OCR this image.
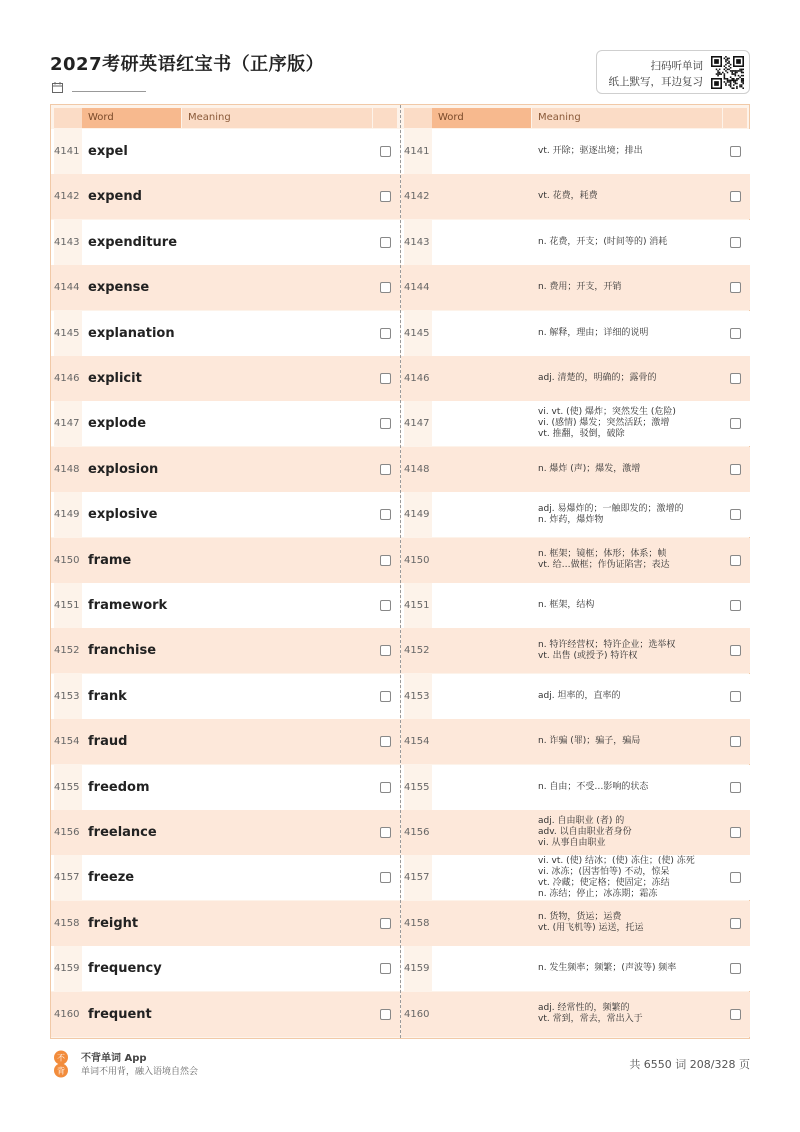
2027考研英语红宝书（正序版）	扫码听单词
纸上默写，耳边复习
Word	Meaning
4141 expel
4142 expend
4143 expenditure
4144 expense
4145 explanation
4146 explicit
4147 explode
4148 explosion
4149 explosive
4150 frame
4151 framework
4152 franchise
4153 frank
4154 fraud
4155 freedom
4156 freelance
4157 freeze
4158 freight
4159 frequency
4160 frequent
Word	Meaning
4141	vt. 开除；驱逐出境；排出
4142	vt. 花费，耗费
4143	n. 花费，开支；(时间等的) 消耗
4144	n. 费用；开支，开销
4145	n. 解释，理由；详细的说明
4146	adj. 清楚的，明确的；露骨的
4147
vi. vt. (使) 爆炸；突然发生 (危险)
vi. (感情) 爆发；突然活跃；激增
vt. 推翻，驳倒，破除
4148	n. 爆炸 (声)；爆发，激增
4149
adj. 易爆炸的；一触即发的；激增的
n. 炸药，爆炸物
4150
n. 框架；镜框；体形；体系；帧
vt. 给…做框；作伪证陷害；表达
4151	n. 框架，结构
4152
n. 特许经营权；特许企业；选举权
vt. 出售 (或授予) 特许权
4153	adj. 坦率的，直率的
4154	n. 诈骗 (罪)；骗子，骗局
4155	n. 自由；不受…影响的状态
4156
adj. 自由职业 (者) 的
adv. 以自由职业者身份
vi. 从事自由职业
4157
vi. vt. (使) 结冰；(使) 冻住；(使) 冻死
vi. 冰冻；(因害怕等) 不动，惊呆
vt. 冷藏；使定格；使固定；冻结
n. 冻结；停止；冰冻期；霜冻
4158
n. 货物，货运；运费
vt. (用飞机等) 运送，托运
4159	n. 发生频率；频繁；(声波等) 频率
4160
adj. 经常性的，频繁的
vt. 常到，常去，常出入于
不
背
不背单词 App
单词不用背，融入语境自然会
共 6550 词 208/328 页
